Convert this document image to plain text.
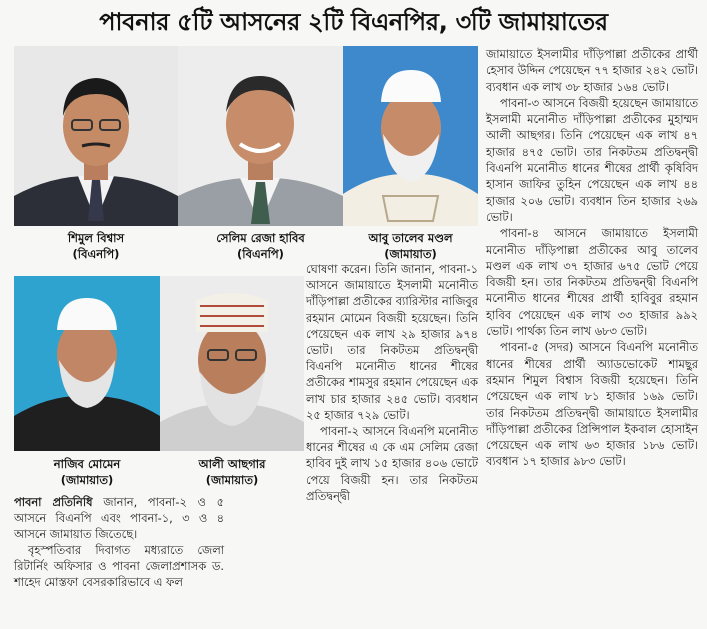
পাবনার ৫টি আসনের ২টি বিএনপির, ৩টি জামায়াতের
শিমুল বিশ্বাস
(বিএনপি)
সেলিম রেজা হাবিব
(বিএনপি)
আবু তালেব মণ্ডল
(জামায়াত)
নাজিব মোমেন
(জামায়াত)
আলী আছগার
(জামায়াত)

পাবনা প্রতিনিধি জানান, পাবনা-২ ও ৫ আসনে বিএনপি এবং পাবনা-১, ৩ ও ৪ আসনে জামায়াত জিতেছে।

বৃহস্পতিবার দিবাগত মধ্যরাতে জেলা রিটার্নিং অফিসার ও পাবনা জেলাপ্রশাসক ড. শাহেদ মোস্তফা বেসরকারিভাবে এ ফল

ঘোষণা করেন। তিনি জানান, পাবনা-১ আসনে জামায়াতে ইসলামী মনোনীত দাঁড়িপাল্লা প্রতীকের ব্যারিস্টার নাজিবুর রহমান মোমেন বিজয়ী হয়েছেন। তিনি পেয়েছেন এক লাখ ২৯ হাজার ৯৭৪ ভোট। তার নিকটতম প্রতিদ্বন্দ্বী বিএনপি মনোনীত ধানের শীষের প্রতীকের শামসুর রহমান পেয়েছেন এক লাখ চার হাজার ২৪৫ ভোট। ব্যবধান ২৫ হাজার ৭২৯ ভোট।

পাবনা-২ আসনে বিএনপি মনোনীত ধানের শীষের এ কে এম সেলিম রেজা হাবিব দুই লাখ ১৫ হাজার ৪০৬ ভোটে পেয়ে বিজয়ী হন। তার নিকটতম প্রতিদ্বন্দ্বী

জামায়াতে ইসলামীর দাঁড়িপাল্লা প্রতীকের প্রার্থী হেসাব উদ্দিন পেয়েছেন ৭৭ হাজার ২৪২ ভোট। ব্যবধান এক লাখ ৩৮ হাজার ১৬৪ ভোট।

পাবনা-৩ আসনে বিজয়ী হয়েছেন জামায়াতে ইসলামী মনোনীত দাঁড়িপাল্লা প্রতীকের মুহাম্মদ আলী আছগর। তিনি পেয়েছেন এক লাখ ৪৭ হাজার ৪৭৫ ভোট। তার নিকটতম প্রতিদ্বন্দ্বী বিএনপি মনোনীত ধানের শীষের প্রার্থী কৃষিবিদ হাসান জাফির তুহিন পেয়েছেন এক লাখ ৪৪ হাজার ২০৬ ভোট। ব্যবধান তিন হাজার ২৬৯ ভোট।

পাবনা-৪ আসনে জামায়াতে ইসলামী মনোনীত দাঁড়িপাল্লা প্রতীকের আবু তালেব মণ্ডল এক লাখ ৩৭ হাজার ৬৭৫ ভোট পেয়ে বিজয়ী হন। তার নিকটতম প্রতিদ্বন্দ্বী বিএনপি মনোনীত ধানের শীষের প্রার্থী হাবিবুর রহমান হাবিব পেয়েছেন এক লাখ ৩৩ হাজার ৯৯২ ভোট। পার্থক্য তিন লাখ ৬৮৩ ভোট।

পাবনা-৫ (সদর) আসনে বিএনপি মনোনীত ধানের শীষের প্রার্থী অ্যাডভোকেট শামছুর রহমান শিমুল বিশ্বাস বিজয়ী হয়েছেন। তিনি পেয়েছেন এক লাখ ৮১ হাজার ১৬৯ ভোট। তার নিকটতম প্রতিদ্বন্দ্বী জামায়াতে ইসলামীর দাঁড়িপাল্লা প্রতীকের প্রিন্সিপাল ইকবাল হোসাইন পেয়েছেন এক লাখ ৬৩ হাজার ১৮৬ ভোট। ব্যবধান ১৭ হাজার ৯৮৩ ভোট।
